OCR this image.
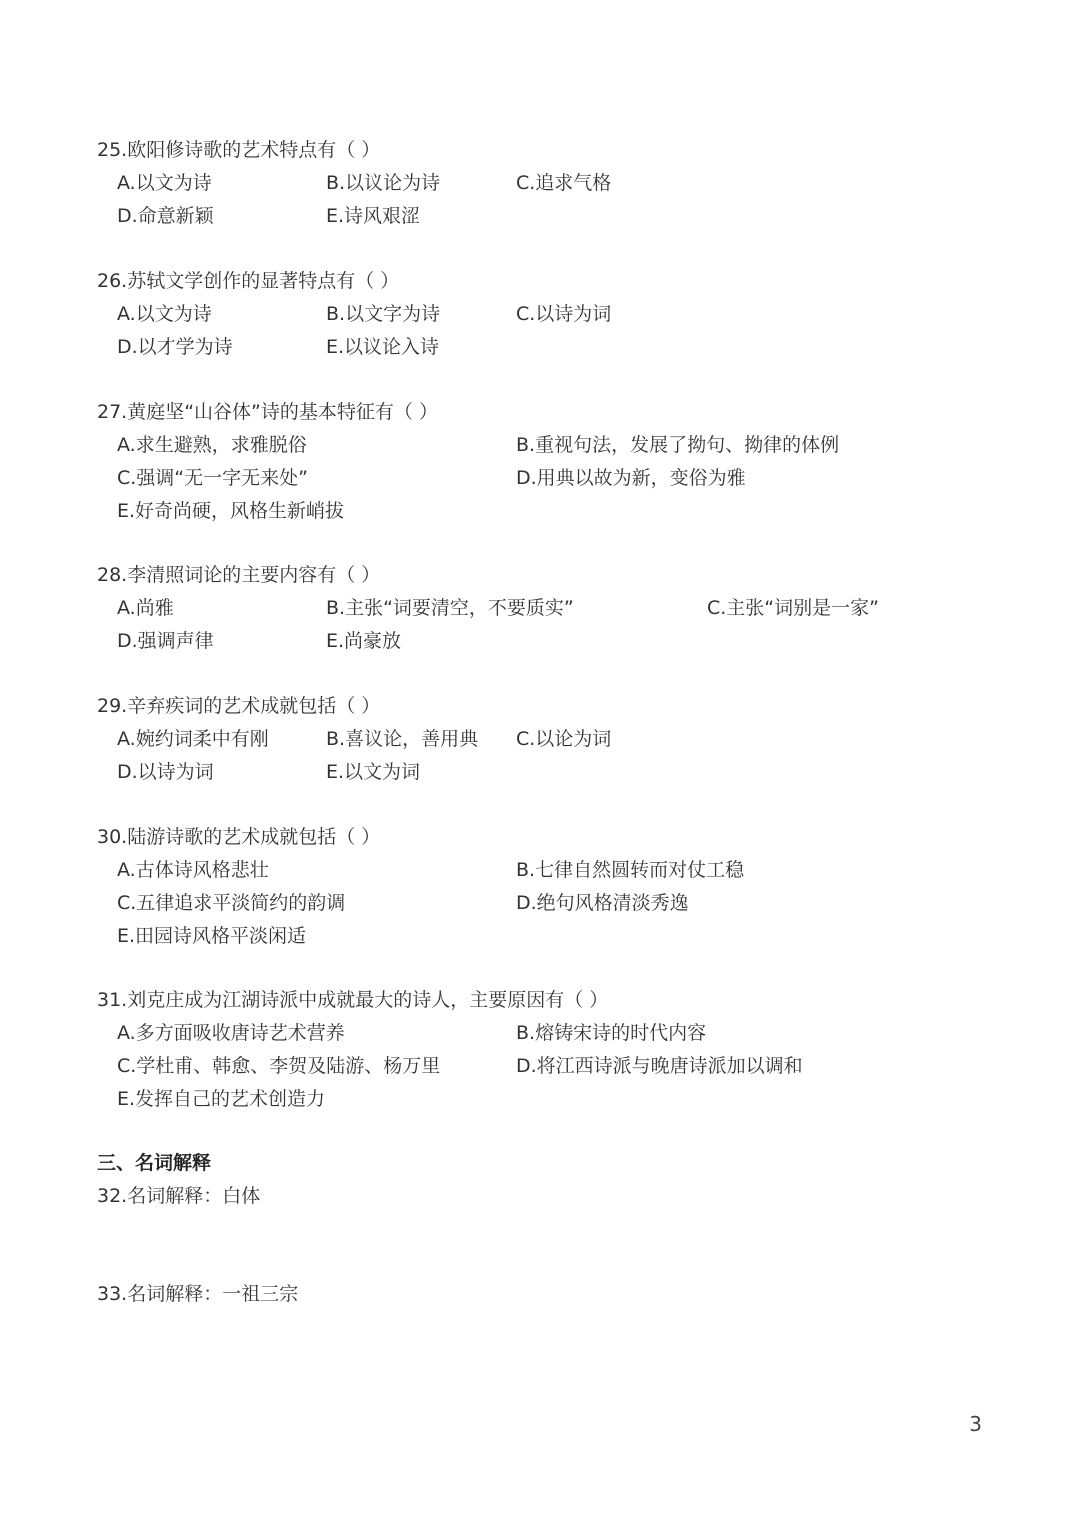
25.欧阳修诗歌的艺术特点有（ ）
A.以文为诗	B.以议论为诗	C.追求气格
D.命意新颖	E.诗风艰涩
26.苏轼文学创作的显著特点有（ ）
A.以文为诗	B.以文字为诗	C.以诗为词
D.以才学为诗	E.以议论入诗
27.黄庭坚“山谷体”诗的基本特征有（ ）
A.求生避熟，求雅脱俗	B.重视句法，发展了拗句、拗律的体例
C.强调“无一字无来处”	D.用典以故为新，变俗为雅
E.好奇尚硬，风格生新峭拔
28.李清照词论的主要内容有（ ）
A.尚雅	B.主张“词要清空，不要质实”	C.主张“词别是一家”
D.强调声律	E.尚豪放
29.辛弃疾词的艺术成就包括（ ）
A.婉约词柔中有刚	B.喜议论，善用典 C.以论为词
D.以诗为词	E.以文为词
30.陆游诗歌的艺术成就包括（ ）
A.古体诗风格悲壮	B.七律自然圆转而对仗工稳
C.五律追求平淡简约的韵调	D.绝句风格清淡秀逸
E.田园诗风格平淡闲适
31.刘克庄成为江湖诗派中成就最大的诗人，主要原因有（ ）
A.多方面吸收唐诗艺术营养	B.熔铸宋诗的时代内容
C.学杜甫、韩愈、李贺及陆游、杨万里	D.将江西诗派与晚唐诗派加以调和
E.发挥自己的艺术创造力
三、名词解释
32.名词解释：白体
33.名词解释：一祖三宗
3
